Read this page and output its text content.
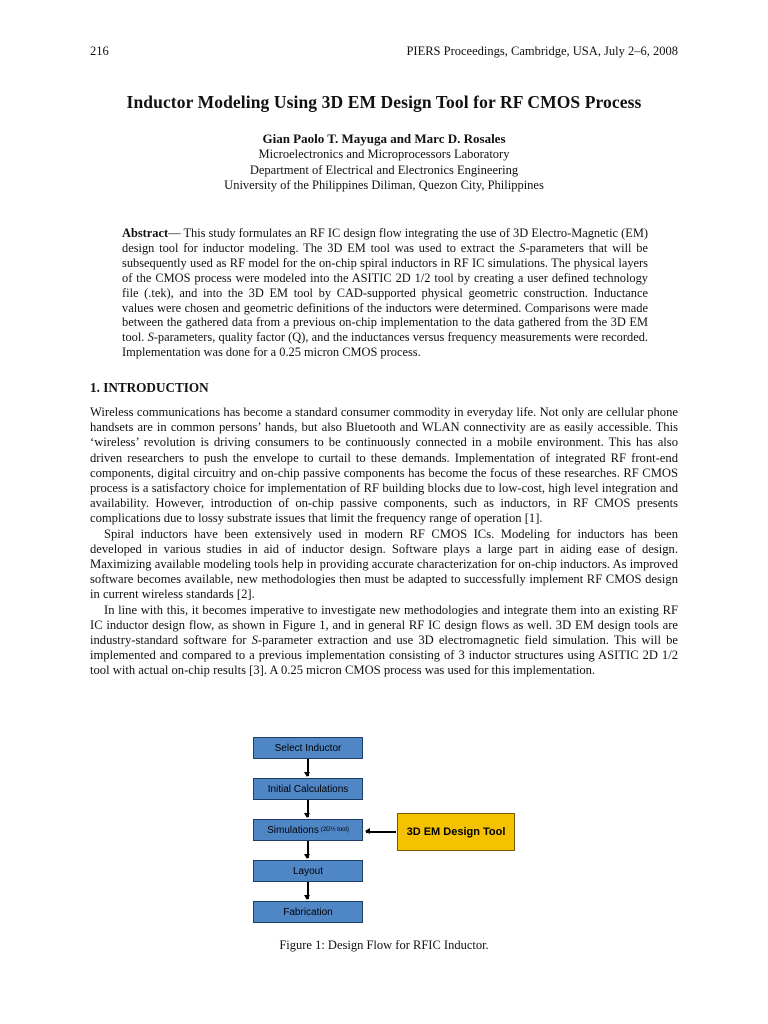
216	PIERS Proceedings, Cambridge, USA, July 2–6, 2008
Inductor Modeling Using 3D EM Design Tool for RF CMOS Process
Gian Paolo T. Mayuga and Marc D. Rosales
Microelectronics and Microprocessors Laboratory
Department of Electrical and Electronics Engineering
University of the Philippines Diliman, Quezon City, Philippines
Abstract— This study formulates an RF IC design flow integrating the use of 3D Electro-Magnetic (EM) design tool for inductor modeling. The 3D EM tool was used to extract the S-parameters that will be subsequently used as RF model for the on-chip spiral inductors in RF IC simulations. The physical layers of the CMOS process were modeled into the ASITIC 2D 1/2 tool by creating a user defined technology file (.tek), and into the 3D EM tool by CAD-supported physical geometric construction. Inductance values were chosen and geometric definitions of the inductors were determined. Comparisons were made between the gathered data from a previous on-chip implementation to the data gathered from the 3D EM tool. S-parameters, quality factor (Q), and the inductances versus frequency measurements were recorded. Implementation was done for a 0.25 micron CMOS process.
1. INTRODUCTION

Wireless communications has become a standard consumer commodity in everyday life. Not only are cellular phone handsets are in common persons’ hands, but also Bluetooth and WLAN connectivity are as easily accessible. This ‘wireless’ revolution is driving consumers to be continuously connected in a mobile environment. This has also driven researchers to push the envelope to curtail to these demands. Implementation of integrated RF front-end components, digital circuitry and on-chip passive components has become the focus of these researches. RF CMOS process is a satisfactory choice for implementation of RF building blocks due to low-cost, high level integration and availability. However, introduction of on-chip passive components, such as inductors, in RF CMOS presents complications due to lossy substrate issues that limit the frequency range of operation [1].

Spiral inductors have been extensively used in modern RF CMOS ICs. Modeling for inductors has been developed in various studies in aid of inductor design. Software plays a large part in aiding ease of design. Maximizing available modeling tools help in providing accurate characterization for on-chip inductors. As improved software becomes available, new methodologies then must be adapted to successfully implement RF CMOS design in current wireless standards [2].

In line with this, it becomes imperative to investigate new methodologies and integrate them into an existing RF IC inductor design flow, as shown in Figure 1, and in general RF IC design flows as well. 3D EM design tools are industry-standard software for S-parameter extraction and use 3D electromagnetic field simulation. This will be implemented and compared to a previous implementation consisting of 3 inductor structures using ASITIC 2D 1/2 tool with actual on-chip results [3]. A 0.25 micron CMOS process was used for this implementation.

Select Inductor
Initial Calculations
Simulations (2D½ tool)	3D EM Design Tool
Layout
Fabrication
Figure 1: Design Flow for RFIC Inductor.
